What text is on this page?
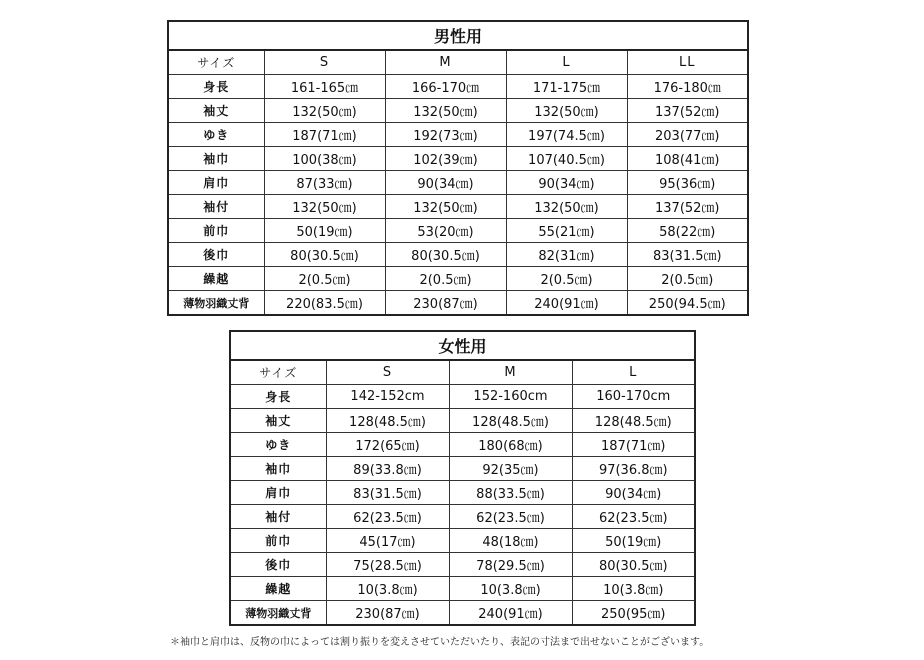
男性用				
サイズ	S	M	L	LL
身長	161-165㎝	166-170㎝	171-175㎝	176-180㎝
袖丈	132(50㎝)	132(50㎝)	132(50㎝)	137(52㎝)
ゆき	187(71㎝)	192(73㎝)	197(74.5㎝)	203(77㎝)
袖巾	100(38㎝)	102(39㎝)	107(40.5㎝)	108(41㎝)
肩巾	87(33㎝)	90(34㎝)	90(34㎝)	95(36㎝)
袖付	132(50㎝)	132(50㎝)	132(50㎝)	137(52㎝)
前巾	50(19㎝)	53(20㎝)	55(21㎝)	58(22㎝)
後巾	80(30.5㎝)	80(30.5㎝)	82(31㎝)	83(31.5㎝)
繰越	2(0.5㎝)	2(0.5㎝)	2(0.5㎝)	2(0.5㎝)
薄物羽織丈背	220(83.5㎝)	230(87㎝)	240(91㎝)	250(94.5㎝)
女性用			
サイズ	S	M	L
身長	142-152cm	152-160cm	160-170cm
袖丈	128(48.5㎝)	128(48.5㎝)	128(48.5㎝)
ゆき	172(65㎝)	180(68㎝)	187(71㎝)
袖巾	89(33.8㎝)	92(35㎝)	97(36.8㎝)
肩巾	83(31.5㎝)	88(33.5㎝)	90(34㎝)
袖付	62(23.5㎝)	62(23.5㎝)	62(23.5㎝)
前巾	45(17㎝)	48(18㎝)	50(19㎝)
後巾	75(28.5㎝)	78(29.5㎝)	80(30.5㎝)
繰越	10(3.8㎝)	10(3.8㎝)	10(3.8㎝)
薄物羽織丈背	230(87㎝)	240(91㎝)	250(95㎝)
＊袖巾と肩巾は、反物の巾によっては割り振りを変えさせていただいたり、表記の寸法まで出せないことがございます。
